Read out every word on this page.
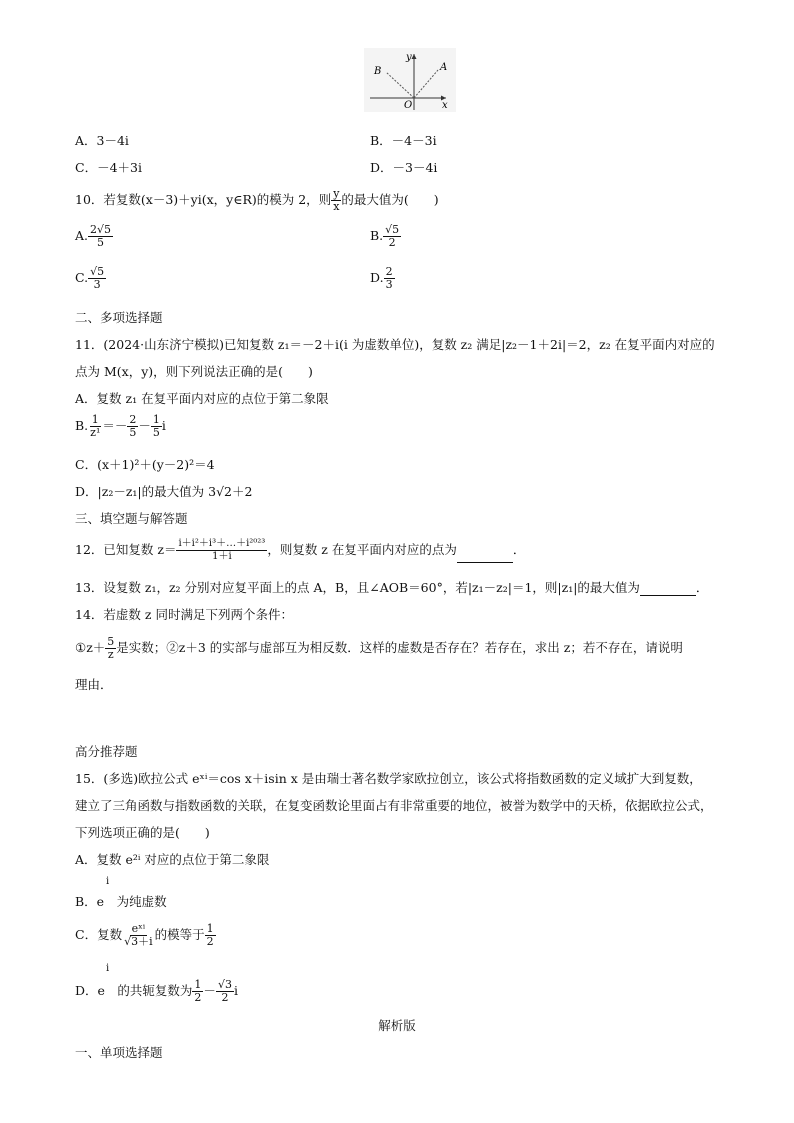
x
y
O
A
B
A．3－4i	B．－4－3i
C．－4＋3i	D．－3－4i
10．若复数(x－3)＋yi(x，y∈R)的模为 2，则 $\frac{y}{x}$ 的最大值为(　　)
A. $\frac{2√5}{5}$	B. $\frac{√5}{2}$
C. $\frac{√5}{3}$	D. $\frac{2}{3}$
二、多项选择题
11．(2024·山东济宁模拟)已知复数 z₁＝－2＋i(i 为虚数单位)，复数 z₂ 满足|z₂－1＋2i|＝2，z₂ 在复平面内对应的
点为 M(x，y)，则下列说法正确的是(　　)
A．复数 z₁ 在复平面内对应的点位于第二象限
B. $\frac{1}{\text{z¹}} =- \frac{2}{5} - \frac{1}{5}$ i
C．(x＋1)²＋(y－2)²＝4
D．|z₂－z₁|的最大值为 3√2＋2
三、填空题与解答题
12．已知复数 $z= \frac{\text{i＋i²＋i³＋…＋i²⁰²³}}{1+i}$ ，则复数 z 在复平面内对应的点为	．
13．设复数 z₁，z₂ 分别对应复平面上的点 A，B，且∠AOB＝60°，若|z₁－z₂|＝1，则|z₁|的最大值为	．
14．若虚数 z 同时满足下列两个条件：
①z＋ $\frac{5}{z}$ 是实数；②z＋3 的实部与虚部互为相反数．这样的虚数是否存在？若存在，求出 z；若不存在，请说明
理由．
高分推荐题
15．(多选)欧拉公式 eˣⁱ＝cos x＋isin x 是由瑞士著名数学家欧拉创立，该公式将指数函数的定义域扩大到复数，
建立了三角函数与指数函数的关联，在复变函数论里面占有非常重要的地位，被誉为数学中的天桥，依据欧拉公式，
下列选项正确的是(　　)
A．复数 e²ⁱ 对应的点位于第二象限
i
B．e　为纯虚数
C．复数 $\frac{\text{eˣⁱ}}{√3+i}$ 的模等于 $\frac{1}{2}$
i
D．e　的共轭复数为 $\frac{1}{2} - \frac{√3}{2}$ i
解析版
一、单项选择题
